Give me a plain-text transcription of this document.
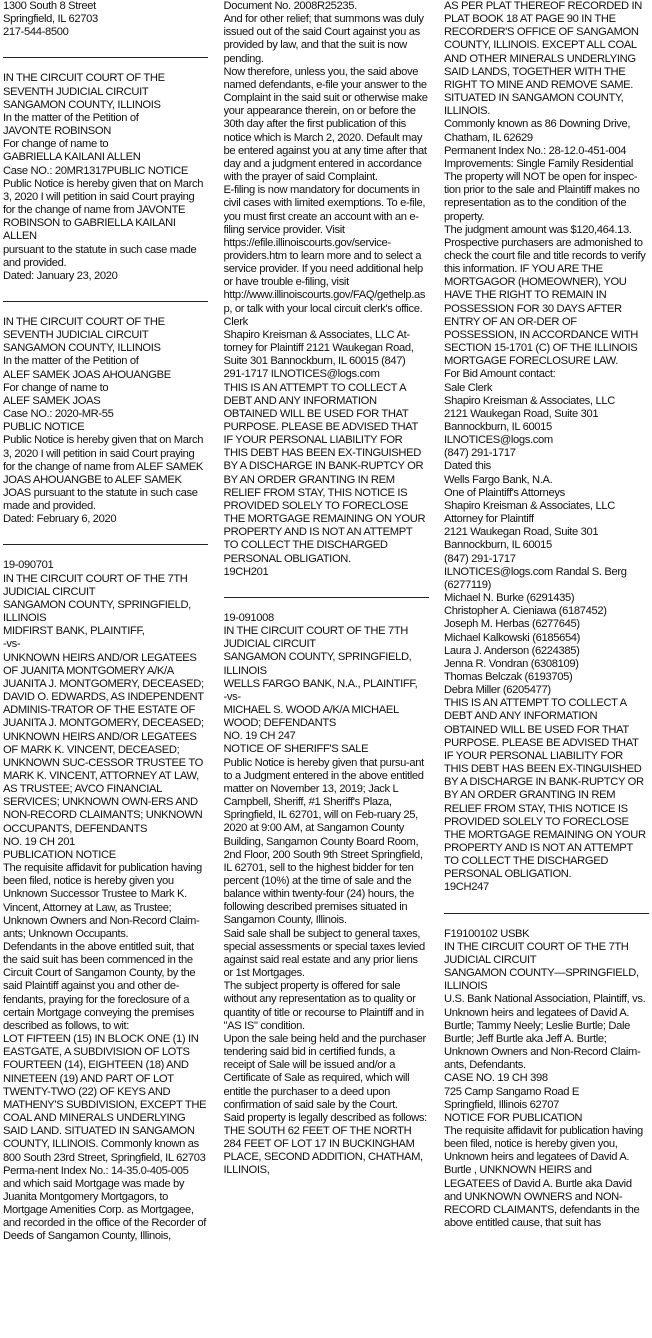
1300 South 8 Street
Springfield, IL 62703
217-544-8500
IN THE CIRCUIT COURT OF THE SEVENTH JUDICIAL CIRCUIT
SANGAMON COUNTY, ILLINOIS
In the matter of the Petition of
JAVONTE ROBINSON
For change of name to
GABRIELLA KAILANI ALLEN
Case NO.: 20MR1317PUBLIC NOTICE
Public Notice is hereby given that on March 3, 2020 I will petition in said Court praying for the change of name from JAVONTE ROBINSON to GABRIELLA KAILANI ALLEN
pursuant to the statute in such case made and provided.
Dated: January 23, 2020
IN THE CIRCUIT COURT OF THE SEVENTH JUDICIAL CIRCUIT
SANGAMON COUNTY, ILLINOIS
In the matter of the Petition of
ALEF SAMEK JOAS AHOUANGBE
For change of name to
ALEF SAMEK JOAS
Case NO.: 2020-MR-55
PUBLIC NOTICE
Public Notice is hereby given that on March 3, 2020 I will petition in said Court praying for the change of name from ALEF SAMEK JOAS AHOUANGBE to ALEF SAMEK JOAS pursuant to the statute in such case made and provided.
Dated: February 6, 2020
19-090701
IN THE CIRCUIT COURT OF THE 7TH JUDICIAL CIRCUIT
SANGAMON COUNTY, SPRINGFIELD, ILLINOIS
MIDFIRST BANK, PLAINTIFF,
-vs-
UNKNOWN HEIRS AND/OR LEGATEES OF JUANITA MONTGOMERY A/K/A JUANITA J. MONTGOMERY, DECEASED; DAVID O. EDWARDS, AS INDEPENDENT ADMINIS-TRATOR OF THE ESTATE OF JUANITA J. MONTGOMERY, DECEASED; UNKNOWN HEIRS AND/OR LEGATEES OF MARK K. VINCENT, DECEASED; UNKNOWN SUC-CESSOR TRUSTEE TO MARK K. VINCENT, ATTORNEY AT LAW, AS TRUSTEE; AVCO FINANCIAL SERVICES; UNKNOWN OWN-ERS AND NON-RECORD CLAIMANTS; UNKNOWN OCCUPANTS, DEFENDANTS
NO. 19 CH 201
PUBLICATION NOTICE
The requisite affidavit for publication having been filed, notice is hereby given you Unknown Successor Trustee to Mark K. Vincent, Attorney at Law, as Trustee; Unknown Owners and Non-Record Claim-ants; Unknown Occupants.
Defendants in the above entitled suit, that the said suit has been commenced in the Circuit Court of Sangamon County, by the said Plaintiff against you and other de-fendants, praying for the foreclosure of a certain Mortgage conveying the premises described as follows, to wit:
LOT FIFTEEN (15) IN BLOCK ONE (1) IN EASTGATE, A SUBDIVISION OF LOTS FOURTEEN (14), EIGHTEEN (18) AND NINETEEN (19) AND PART OF LOT TWENTY-TWO (22) OF KEYS AND MATHENY'S SUBDIVISION, EXCEPT THE COAL AND MINERALS UNDERLYING SAID LAND. SITUATED IN SANGAMON COUNTY, ILLINOIS. Commonly known as 800 South 23rd Street, Springfield, IL 62703 Perma-nent Index No.: 14-35.0-405-005
and which said Mortgage was made by Juanita Montgomery Mortgagors, to Mortgage Amenities Corp. as Mortgagee, and recorded in the office of the Recorder of Deeds of Sangamon County, Illinois,
Document No. 2008R25235.
And for other relief; that summons was duly issued out of the said Court against you as provided by law, and that the suit is now pending.
Now therefore, unless you, the said above named defendants, e-file your answer to the Complaint in the said suit or otherwise make your appearance therein, on or before the 30th day after the first publication of this notice which is March 2, 2020. Default may be entered against you at any time after that day and a judgment entered in accordance with the prayer of said Complaint.
E-filing is now mandatory for documents in civil cases with limited exemptions. To e-file, you must first create an account with an e-filing service provider. Visit https://efile.illinoiscourts.gov/service-providers.htm to learn more and to select a service provider. If you need additional help or have trouble e-filing, visit http://www.illinoiscourts.gov/FAQ/gethelp.asp, or talk with your local circuit clerk's office.
Clerk
Shapiro Kreisman & Associates, LLC At-torney for Plaintiff 2121 Waukegan Road, Suite 301 Bannockburn, IL 60015 (847) 291-1717 ILNOTICES@logs.com
THIS IS AN ATTEMPT TO COLLECT A DEBT AND ANY INFORMATION OBTAINED WILL BE USED FOR THAT PURPOSE. PLEASE BE ADVISED THAT IF YOUR PERSONAL LIABILITY FOR THIS DEBT HAS BEEN EX-TINGUISHED BY A DISCHARGE IN BANK-RUPTCY OR BY AN ORDER GRANTING IN REM RELIEF FROM STAY, THIS NOTICE IS PROVIDED SOLELY TO FORECLOSE THE MORTGAGE REMAINING ON YOUR PROPERTY AND IS NOT AN ATTEMPT TO COLLECT THE DISCHARGED PERSONAL OBLIGATION.
19CH201
19-091008
IN THE CIRCUIT COURT OF THE 7TH JUDICIAL CIRCUIT
SANGAMON COUNTY, SPRINGFIELD, ILLINOIS
WELLS FARGO BANK, N.A., PLAINTIFF,
-vs-
MICHAEL S. WOOD A/K/A MICHAEL WOOD; DEFENDANTS
NO. 19 CH 247
NOTICE OF SHERIFF'S SALE
Public Notice is hereby given that pursu-ant to a Judgment entered in the above entitled matter on November 13, 2019; Jack L Campbell, Sheriff, #1 Sheriff's Plaza, Springfield, IL 62701, will on Feb-ruary 25, 2020 at 9:00 AM, at Sangamon County Building, Sangamon County Board Room, 2nd Floor, 200 South 9th Street Springfield, IL 62701, sell to the highest bidder for ten percent (10%) at the time of sale and the balance within twenty-four (24) hours, the following described premises situated in Sangamon County, Illinois.
Said sale shall be subject to general taxes, special assessments or special taxes levied against said real estate and any prior liens or 1st Mortgages.
The subject property is offered for sale without any representation as to quality or quantity of title or recourse to Plaintiff and in "AS IS" condition.
Upon the sale being held and the purchaser tendering said bid in certified funds, a receipt of Sale will be issued and/or a Certificate of Sale as required, which will entitle the purchaser to a deed upon confirmation of said sale by the Court.
Said property is legally described as follows:
THE SOUTH 62 FEET OF THE NORTH 284 FEET OF LOT 17 IN BUCKINGHAM PLACE, SECOND ADDITION, CHATHAM, ILLINOIS,
AS PER PLAT THEREOF RECORDED IN PLAT BOOK 18 AT PAGE 90 IN THE RECORDER'S OFFICE OF SANGAMON COUNTY, ILLINOIS. EXCEPT ALL COAL AND OTHER MINERALS UNDERLYING SAID LANDS, TOGETHER WITH THE RIGHT TO MINE AND REMOVE SAME. SITUATED IN SANGAMON COUNTY, ILLINOIS.
Commonly known as 86 Downing Drive, Chatham, IL 62629
Permanent Index No.: 28-12.0-451-004
Improvements: Single Family Residential
The property will NOT be open for inspec-tion prior to the sale and Plaintiff makes no representation as to the condition of the property.
The judgment amount was $120,464.13. Prospective purchasers are admonished to check the court file and title records to verify this information. IF YOU ARE THE MORTGAGOR (HOMEOWNER), YOU HAVE THE RIGHT TO REMAIN IN POSSESSION FOR 30 DAYS AFTER ENTRY OF AN OR-DER OF POSSESSION, IN ACCORDANCE WITH SECTION 15-1701 (C) OF THE ILLINOIS MORTGAGE FORECLOSURE LAW.
For Bid Amount contact:
Sale Clerk
Shapiro Kreisman & Associates, LLC
2121 Waukegan Road, Suite 301
Bannockburn, IL 60015
ILNOTICES@logs.com
(847) 291-1717
Dated this
Wells Fargo Bank, N.A.
One of Plaintiff's Attorneys
Shapiro Kreisman & Associates, LLC
Attorney for Plaintiff
2121 Waukegan Road, Suite 301
Bannockburn, IL 60015
(847) 291-1717
ILNOTICES@logs.com Randal S. Berg (6277119)
Michael N. Burke (6291435)
Christopher A. Cieniawa (6187452)
Joseph M. Herbas (6277645)
Michael Kalkowski (6185654)
Laura J. Anderson (6224385)
Jenna R. Vondran (6308109)
Thomas Belczak (6193705)
Debra Miller (6205477)
THIS IS AN ATTEMPT TO COLLECT A DEBT AND ANY INFORMATION OBTAINED WILL BE USED FOR THAT PURPOSE. PLEASE BE ADVISED THAT IF YOUR PERSONAL LIABILITY FOR THIS DEBT HAS BEEN EX-TINGUISHED BY A DISCHARGE IN BANK-RUPTCY OR BY AN ORDER GRANTING IN REM RELIEF FROM STAY, THIS NOTICE IS PROVIDED SOLELY TO FORECLOSE THE MORTGAGE REMAINING ON YOUR PROPERTY AND IS NOT AN ATTEMPT TO COLLECT THE DISCHARGED PERSONAL OBLIGATION.
19CH247
F19100102 USBK
IN THE CIRCUIT COURT OF THE 7TH JUDICIAL CIRCUIT
SANGAMON COUNTY—SPRINGFIELD, ILLINOIS
U.S. Bank National Association, Plaintiff, vs.
Unknown heirs and legatees of David A. Burtle; Tammy Neely; Leslie Burtle; Dale Burtle; Jeff Burtle aka Jeff A. Burtle; Unknown Owners and Non-Record Claim-ants, Defendants.
CASE NO. 19 CH 398
725 Camp Sangamo Road E
Springfield, Illinois 62707
NOTICE FOR PUBLICATION
The requisite affidavit for publication having been filed, notice is hereby given you, Unknown heirs and legatees of David A. Burtle , UNKNOWN HEIRS and LEGATEES of David A. Burtle aka David and UNKNOWN OWNERS and NON-RECORD CLAIMANTS, defendants in the above entitled cause, that suit has
